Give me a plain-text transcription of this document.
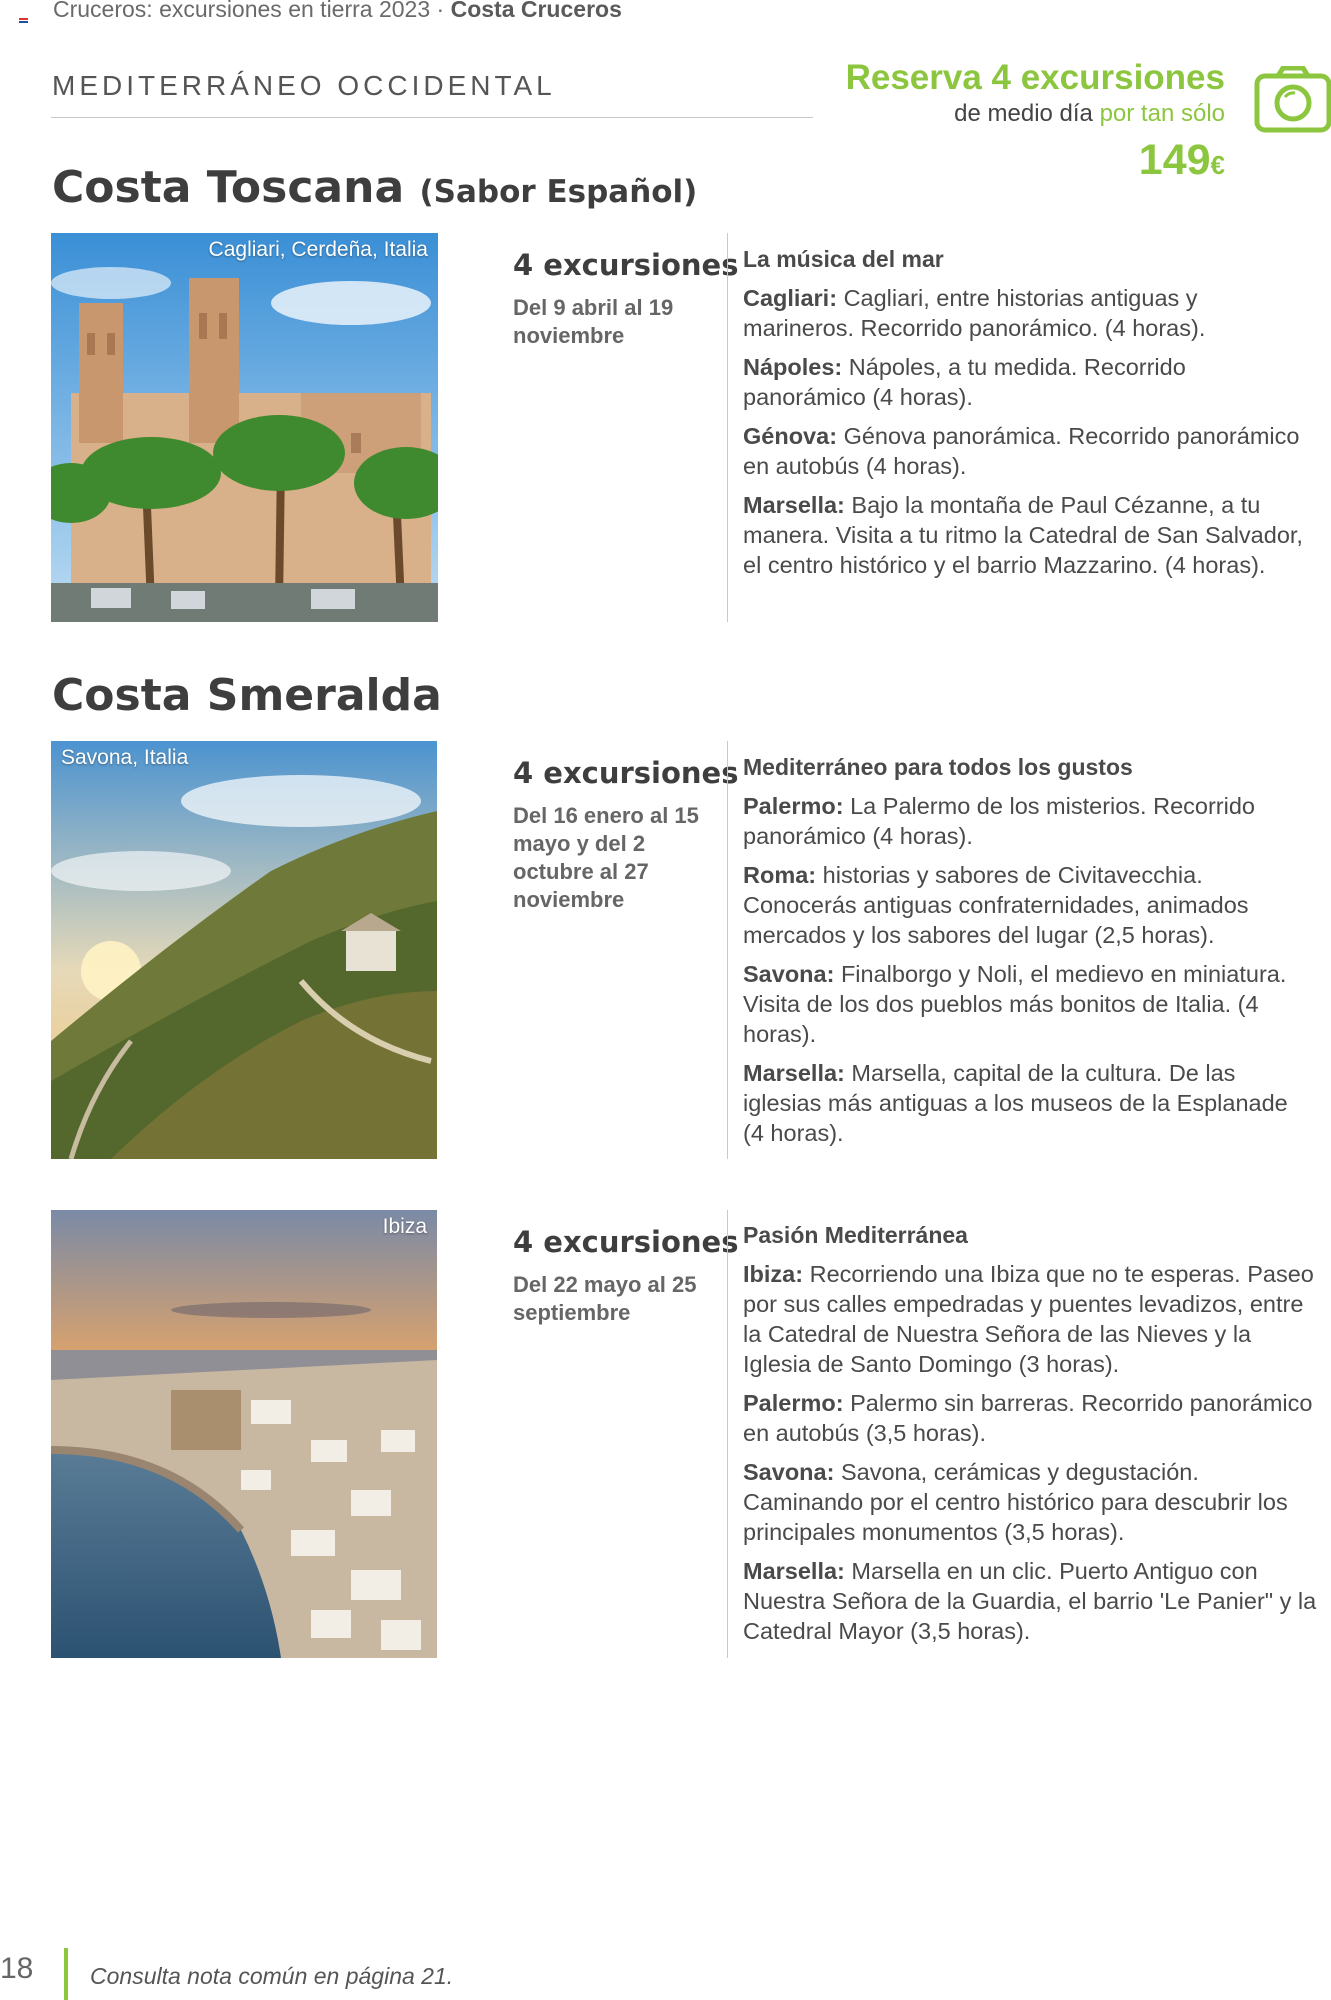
Cruceros: excursiones en tierra 2023 · Costa Cruceros
MEDITERRÁNEO OCCIDENTAL	Reserva 4 excursiones
de medio día por tan sólo
149€
Costa Toscana (Sabor Español)
Cagliari, Cerdeña, Italia	4 excursiones
Del 9 abril al 19 noviembre
La música del mar

Cagliari: Cagliari, entre historias antiguas y marineros. Recorrido panorámico. (4 horas).

Nápoles: Nápoles, a tu medida. Recorrido panorámico (4 horas).

Génova: Génova panorámica. Recorrido panorámico en autobús (4 horas).

Marsella: Bajo la montaña de Paul Cézanne, a tu manera. Visita a tu ritmo la Catedral de San Salvador, el centro histórico y el barrio Mazzarino. (4 horas).

Costa Smeralda
Savona, Italia	4 excursiones
Del 16 enero al 15 mayo y del 2 octubre al 27 noviembre
Mediterráneo para todos los gustos

Palermo: La Palermo de los misterios. Recorrido panorámico (4 horas).

Roma: historias y sabores de Civitavecchia. Conocerás antiguas confraternidades, animados mercados y los sabores del lugar (2,5 horas).

Savona: Finalborgo y Noli, el medievo en miniatura. Visita de los dos pueblos más bonitos de Italia. (4 horas).

Marsella: Marsella, capital de la cultura. De las iglesias más antiguas a los museos de la Esplanade (4 horas).

Ibiza	4 excursiones
Del 22 mayo al 25 septiembre
Pasión Mediterránea

Ibiza: Recorriendo una Ibiza que no te esperas. Paseo por sus calles empedradas y puentes levadizos, entre la Catedral de Nuestra Señora de las Nieves y la Iglesia de Santo Domingo (3 horas).

Palermo: Palermo sin barreras. Recorrido panorámico en autobús (3,5 horas).

Savona: Savona, cerámicas y degustación. Caminando por el centro histórico para descubrir los principales monumentos (3,5 horas).

Marsella: Marsella en un clic. Puerto Antiguo con Nuestra Señora de la Guardia, el barrio 'Le Panier" y la Catedral Mayor (3,5 horas).

18 Consulta nota común en página 21.
